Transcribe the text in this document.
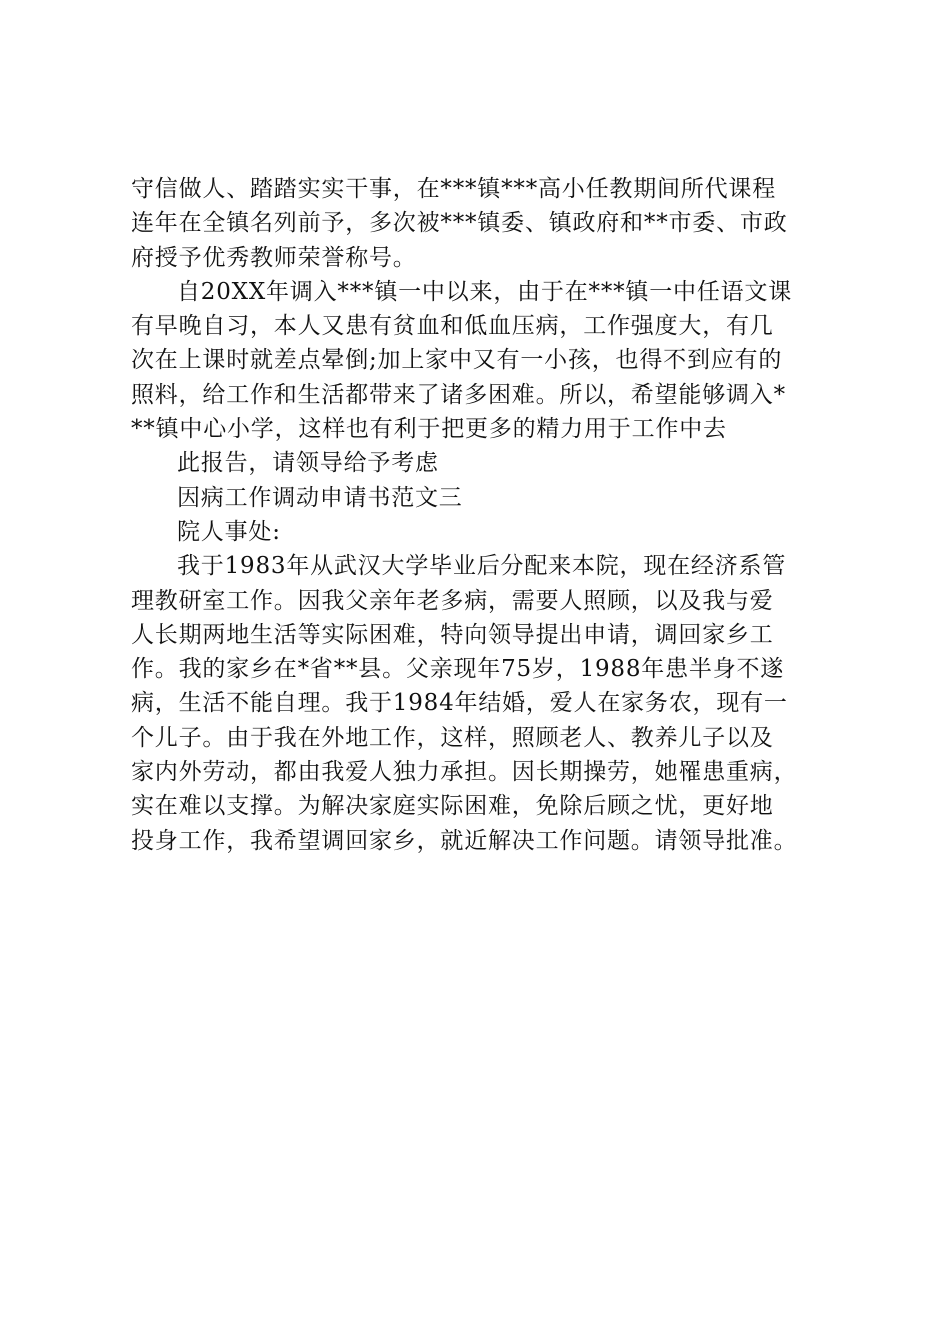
守信做人、踏踏实实干事，在***镇***高小任教期间所代课程
连年在全镇名列前予，多次被***镇委、镇政府和**市委、市政
府授予优秀教师荣誉称号。
自20XX年调入***镇一中以来，由于在***镇一中任语文课
有早晚自习，本人又患有贫血和低血压病，工作强度大，有几
次在上课时就差点晕倒;加上家中又有一小孩，也得不到应有的
照料，给工作和生活都带来了诸多困难。所以，希望能够调入*
**镇中心小学，这样也有利于把更多的精力用于工作中去
此报告，请领导给予考虑
因病工作调动申请书范文三
院人事处:
我于1983年从武汉大学毕业后分配来本院，现在经济系管
理教研室工作。因我父亲年老多病，需要人照顾，以及我与爱
人长期两地生活等实际困难，特向领导提出申请，调回家乡工
作。我的家乡在*省**县。父亲现年75岁，1988年患半身不遂
病，生活不能自理。我于1984年结婚，爱人在家务农，现有一
个儿子。由于我在外地工作，这样，照顾老人、教养儿子以及
家内外劳动，都由我爱人独力承担。因长期操劳，她罹患重病，
实在难以支撑。为解决家庭实际困难，免除后顾之忧，更好地
投身工作，我希望调回家乡，就近解决工作问题。请领导批准。
